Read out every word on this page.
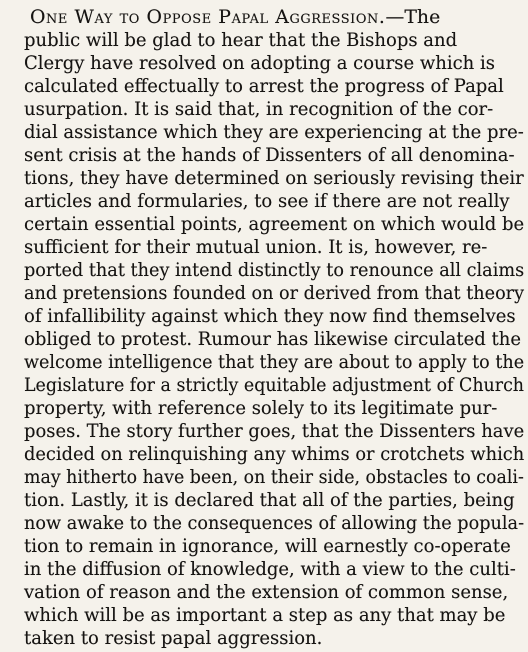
One Way to Oppose Papal Aggression.—The
public will be glad to hear that the Bishops and
Clergy have resolved on adopting a course which is
calculated effectually to arrest the progress of Papal
usurpation. It is said that, in recognition of the cor-
dial assistance which they are experiencing at the pre-
sent crisis at the hands of Dissenters of all denomina-
tions, they have determined on seriously revising their
articles and formularies, to see if there are not really
certain essential points, agreement on which would be
sufficient for their mutual union. It is, however, re-
ported that they intend distinctly to renounce all claims
and pretensions founded on or derived from that theory
of infallibility against which they now find themselves
obliged to protest. Rumour has likewise circulated the
welcome intelligence that they are about to apply to the
Legislature for a strictly equitable adjustment of Church
property, with reference solely to its legitimate pur-
poses. The story further goes, that the Dissenters have
decided on relinquishing any whims or crotchets which
may hitherto have been, on their side, obstacles to coali-
tion. Lastly, it is declared that all of the parties, being
now awake to the consequences of allowing the popula-
tion to remain in ignorance, will earnestly co-operate
in the diffusion of knowledge, with a view to the culti-
vation of reason and the extension of common sense,
which will be as important a step as any that may be
taken to resist papal aggression.
